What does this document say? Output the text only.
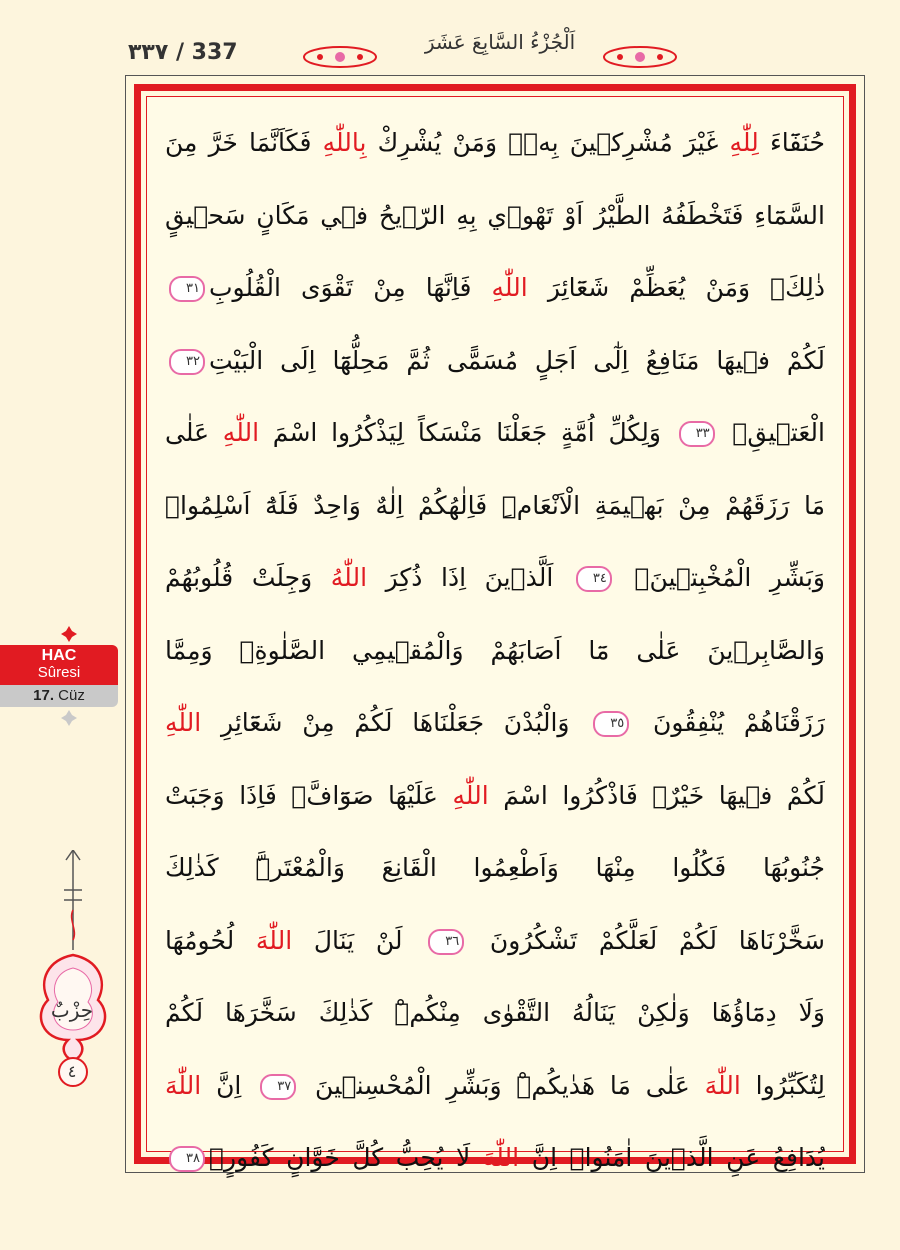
٣٣٧ / 337	اَلْجُزْءُ السَّابِعَ عَشَرَ
حُنَفَٓاءَ لِلّٰهِ غَيْرَ مُشْرِك۪ينَ بِه۪ۜ وَمَنْ يُشْرِكْ بِاللّٰهِ فَكَاَنَّمَا خَرَّ مِنَ
السَّمَٓاءِ فَتَخْطَفُهُ الطَّيْرُ اَوْ تَهْو۪ي بِهِ الرّ۪يحُ ف۪ي مَكَانٍ سَح۪يقٍ
ذٰلِكَۗ وَمَنْ يُعَظِّمْ شَعَٓائِرَ اللّٰهِ فَاِنَّهَا مِنْ تَقْوَى الْقُلُوبِ٣١
لَكُمْ ف۪يهَا مَنَافِعُ اِلٰٓى اَجَلٍ مُسَمًّى ثُمَّ مَحِلُّهَٓا اِلَى الْبَيْتِ٣٢
الْعَت۪يقِ۟ ٣٣ وَلِكُلِّ اُمَّةٍ جَعَلْنَا مَنْسَكاً لِيَذْكُرُوا اسْمَ اللّٰهِ عَلٰى
مَا رَزَقَهُمْ مِنْ بَه۪يمَةِ الْاَنْعَامِۜ فَاِلٰهُكُمْ اِلٰهٌ وَاحِدٌ فَلَهُٓ اَسْلِمُواۜ
وَبَشِّرِ الْمُخْبِت۪ينَۙ ٣٤ اَلَّذ۪ينَ اِذَا ذُكِرَ اللّٰهُ وَجِلَتْ قُلُوبُهُمْ
وَالصَّابِر۪ينَ عَلٰى مَٓا اَصَابَهُمْ وَالْمُق۪يمِي الصَّلٰوةِۙ وَمِمَّا
رَزَقْنَاهُمْ يُنْفِقُونَ ٣٥ وَالْبُدْنَ جَعَلْنَاهَا لَكُمْ مِنْ شَعَٓائِرِ اللّٰهِ
لَكُمْ ف۪يهَا خَيْرٌۗ فَاذْكُرُوا اسْمَ اللّٰهِ عَلَيْهَا صَوَٓافَّۚ فَاِذَا وَجَبَتْ
جُنُوبُهَا فَكُلُوا مِنْهَا وَاَطْعِمُوا الْقَانِعَ وَالْمُعْتَرَّۜ كَذٰلِكَ
سَخَّرْنَاهَا لَكُمْ لَعَلَّكُمْ تَشْكُرُونَ ٣٦ لَنْ يَنَالَ اللّٰهَ لُحُومُهَا
وَلَا دِمَٓاؤُهَا وَلٰكِنْ يَنَالُهُ التَّقْوٰى مِنْكُمْۜ كَذٰلِكَ سَخَّرَهَا لَكُمْ
لِتُكَبِّرُوا اللّٰهَ عَلٰى مَا هَدٰيكُمْۜ وَبَشِّرِ الْمُحْسِن۪ينَ ٣٧ اِنَّ اللّٰهَ
يُدَافِعُ عَنِ الَّذ۪ينَ اٰمَنُواۜ اِنَّ اللّٰهَ لَا يُحِبُّ كُلَّ خَوَّانٍ كَفُورٍ۟٣٨
HAC
Sûresi
17. Cüz
حِزْبٌ
٤
